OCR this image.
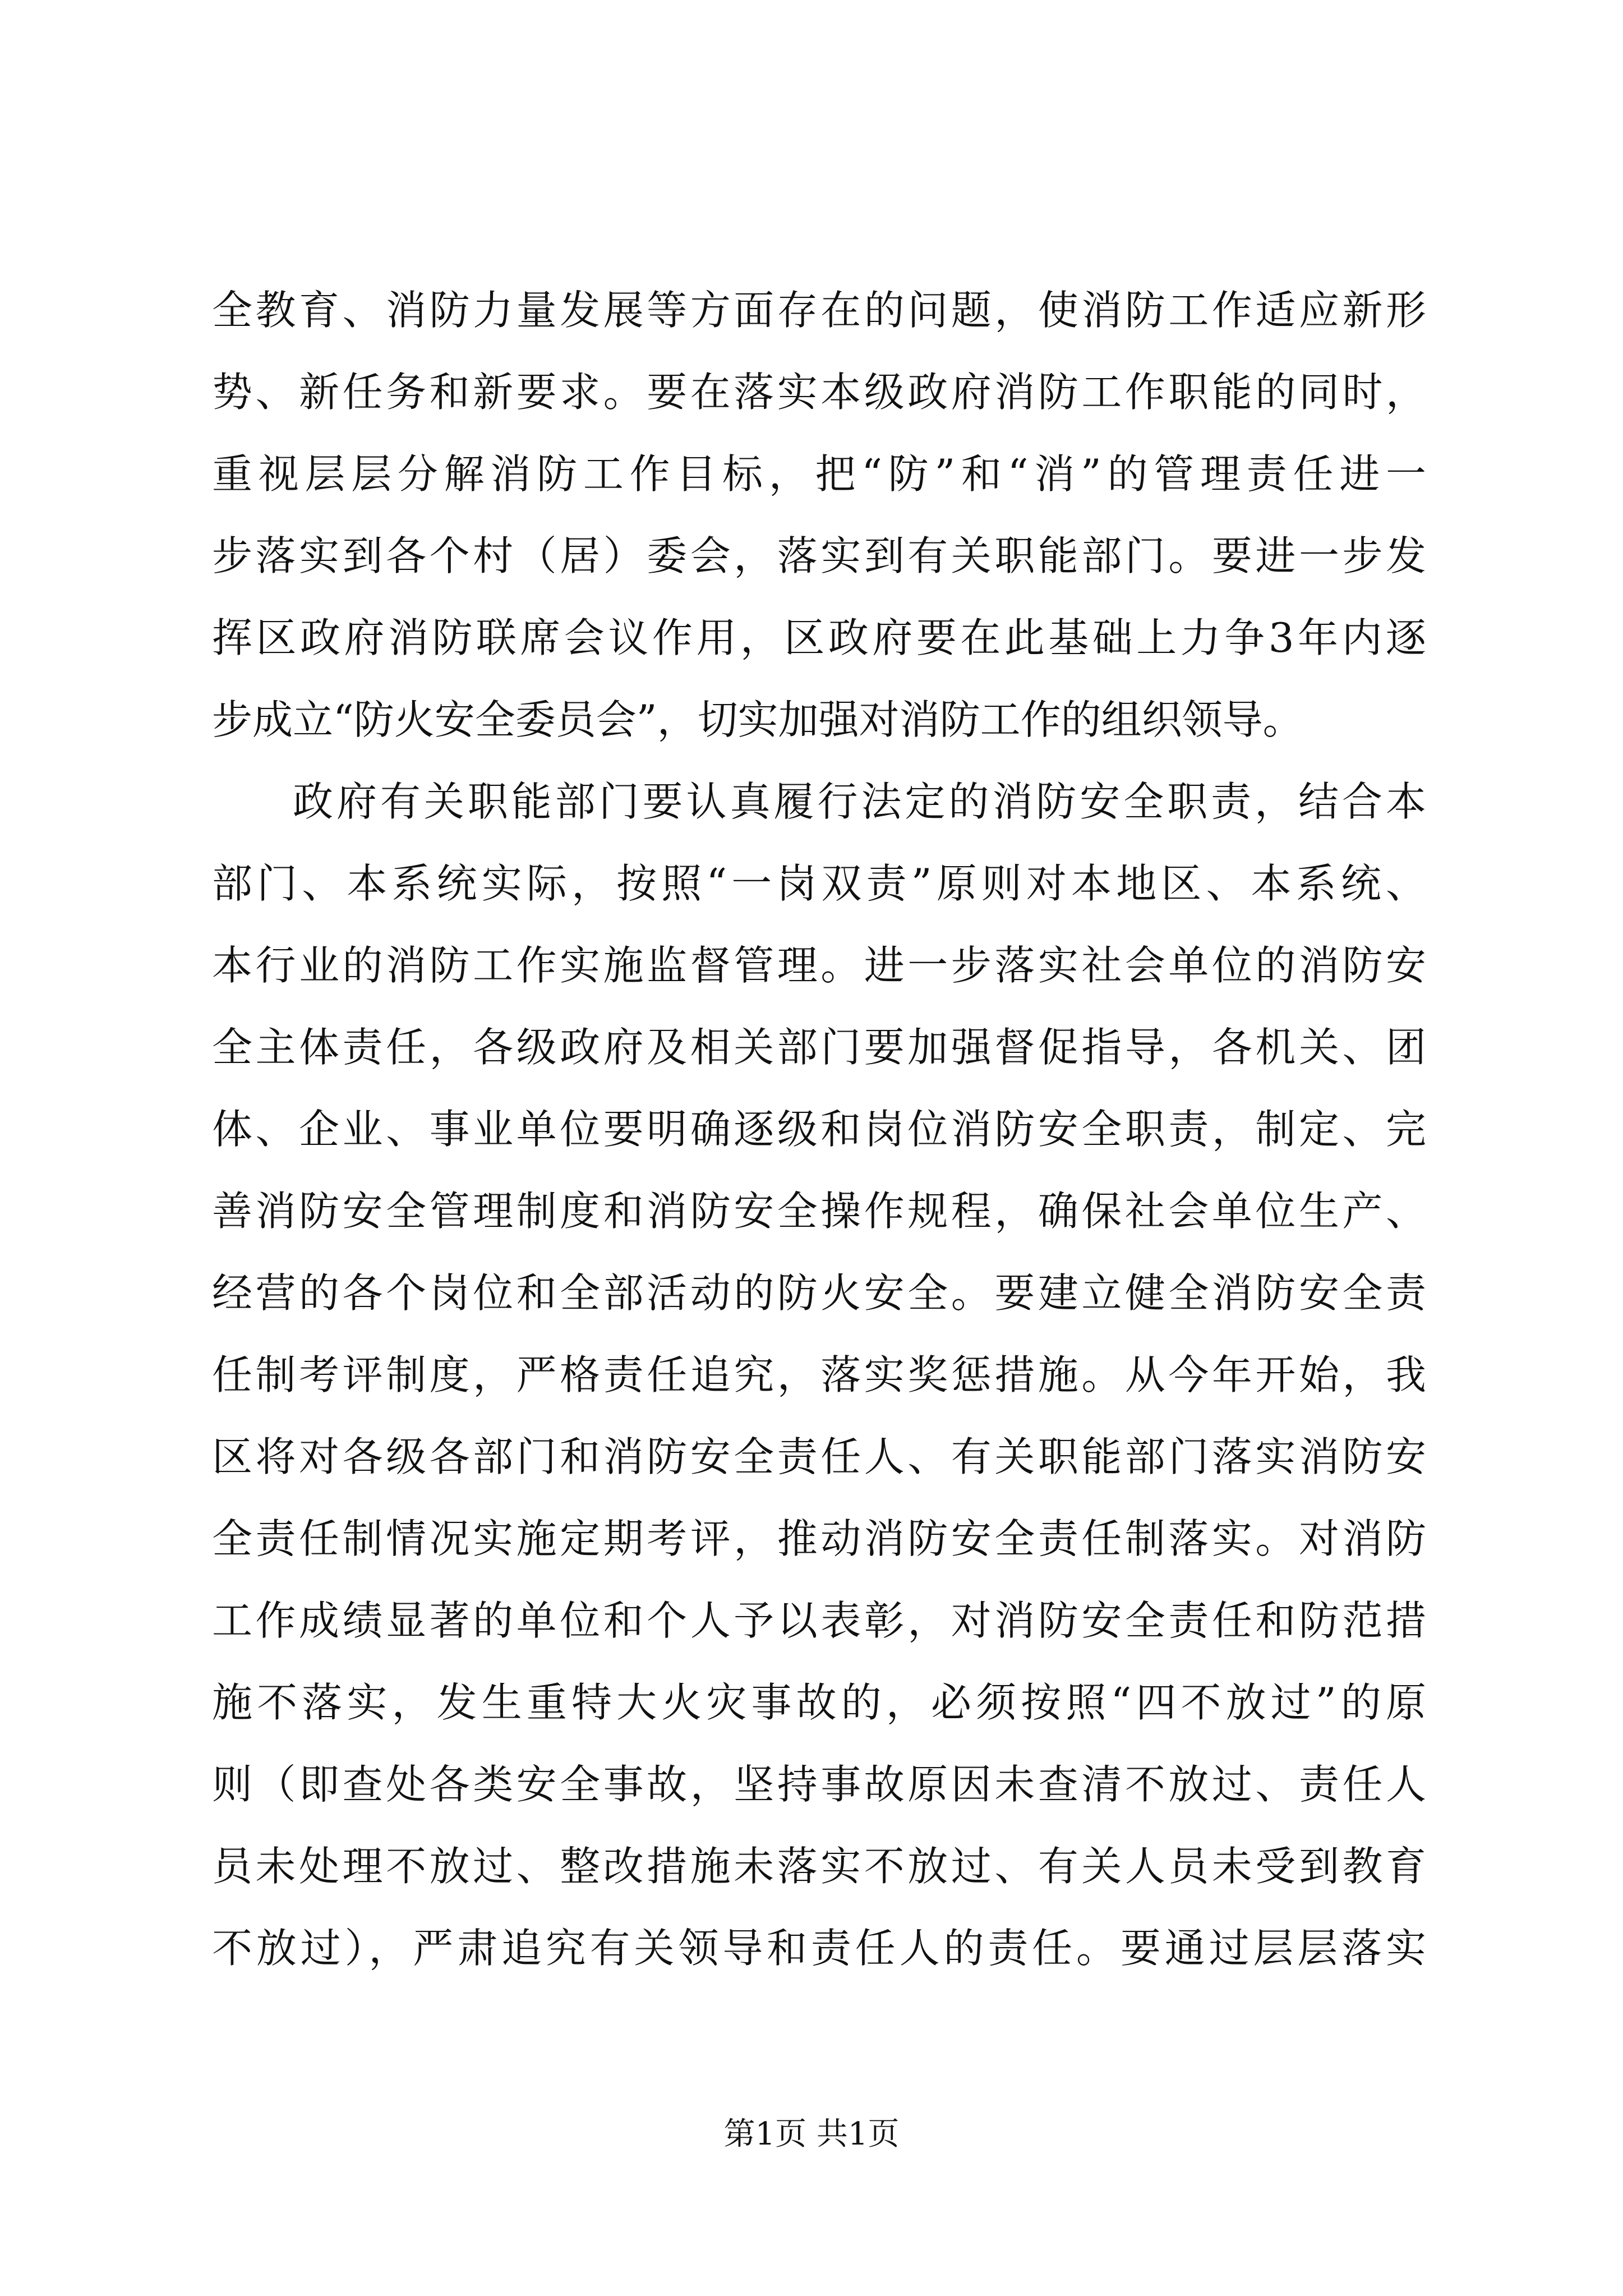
全教育、消防力量发展等方面存在的问题，使消防工作适应新形
势、新任务和新要求。要在落实本级政府消防工作职能的同时，
重视层层分解消防工作目标，把“防”和“消”的管理责任进一
步落实到各个村（居）委会，落实到有关职能部门。要进一步发
挥区政府消防联席会议作用，区政府要在此基础上力争3年内逐
步成立“防火安全委员会”，切实加强对消防工作的组织领导。
政府有关职能部门要认真履行法定的消防安全职责，结合本
部门、本系统实际，按照“一岗双责”原则对本地区、本系统、
本行业的消防工作实施监督管理。进一步落实社会单位的消防安
全主体责任，各级政府及相关部门要加强督促指导，各机关、团
体、企业、事业单位要明确逐级和岗位消防安全职责，制定、完
善消防安全管理制度和消防安全操作规程，确保社会单位生产、
经营的各个岗位和全部活动的防火安全。要建立健全消防安全责
任制考评制度，严格责任追究，落实奖惩措施。从今年开始，我
区将对各级各部门和消防安全责任人、有关职能部门落实消防安
全责任制情况实施定期考评，推动消防安全责任制落实。对消防
工作成绩显著的单位和个人予以表彰，对消防安全责任和防范措
施不落实，发生重特大火灾事故的，必须按照“四不放过”的原
则（即查处各类安全事故，坚持事故原因未查清不放过、责任人
员未处理不放过、整改措施未落实不放过、有关人员未受到教育
不放过），严肃追究有关领导和责任人的责任。要通过层层落实
第1页 共1页
